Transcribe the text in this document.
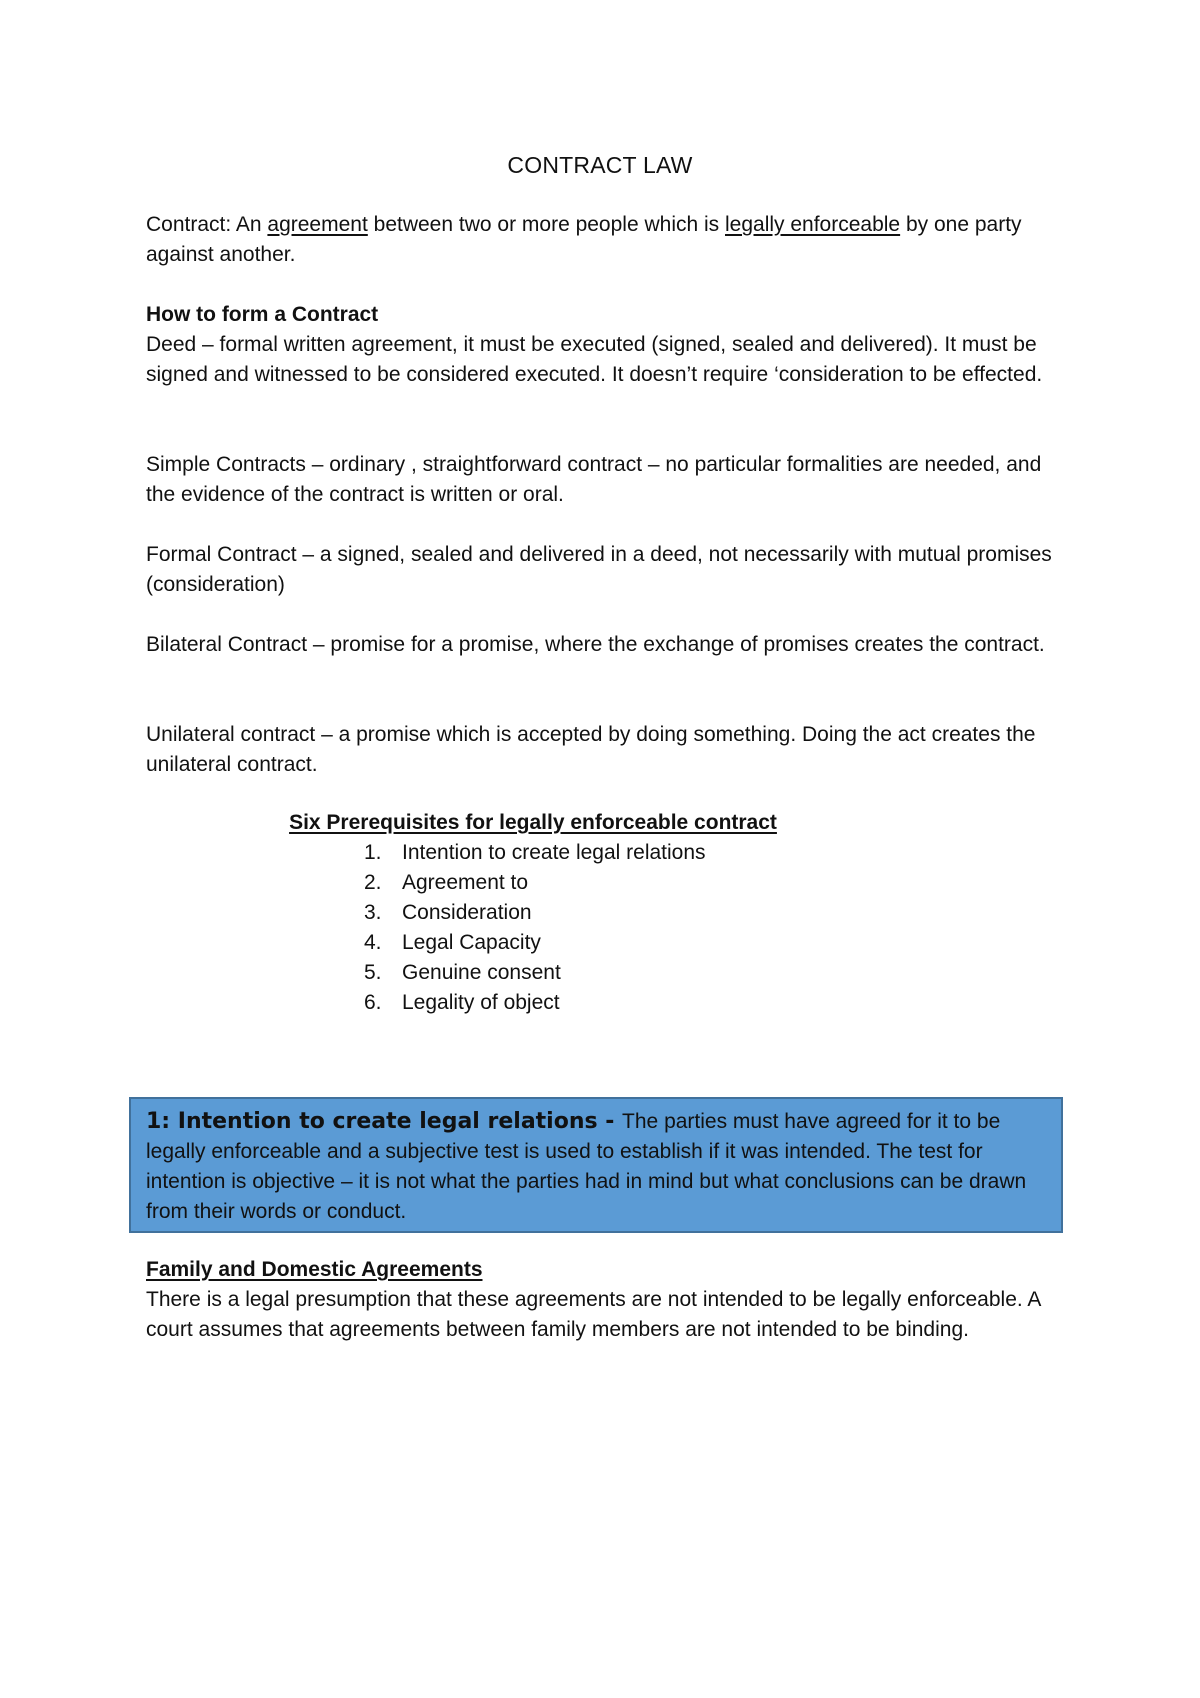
CONTRACT LAW
Contract: An agreement between two or more people which is legally enforceable by one party against another.
How to form a Contract
Deed – formal written agreement, it must be executed (signed, sealed and delivered). It must be signed and witnessed to be considered executed. It doesn’t require ‘consideration to be effected.
Simple Contracts – ordinary , straightforward contract – no particular formalities are needed, and the evidence of the contract is written or oral.
Formal Contract – a signed, sealed and delivered in a deed, not necessarily with mutual promises (consideration)
Bilateral Contract – promise for a promise, where the exchange of promises creates the contract.
Unilateral contract – a promise which is accepted by doing something. Doing the act creates the unilateral contract.
Six Prerequisites for legally enforceable contract
1. Intention to create legal relations
2. Agreement to
3. Consideration
4. Legal Capacity
5. Genuine consent
6. Legality of object
1: Intention to create legal relations - The parties must have agreed for it to be legally enforceable and a subjective test is used to establish if it was intended. The test for intention is objective – it is not what the parties had in mind but what conclusions can be drawn from their words or conduct.
Family and Domestic Agreements
There is a legal presumption that these agreements are not intended to be legally enforceable. A court assumes that agreements between family members are not intended to be binding.
